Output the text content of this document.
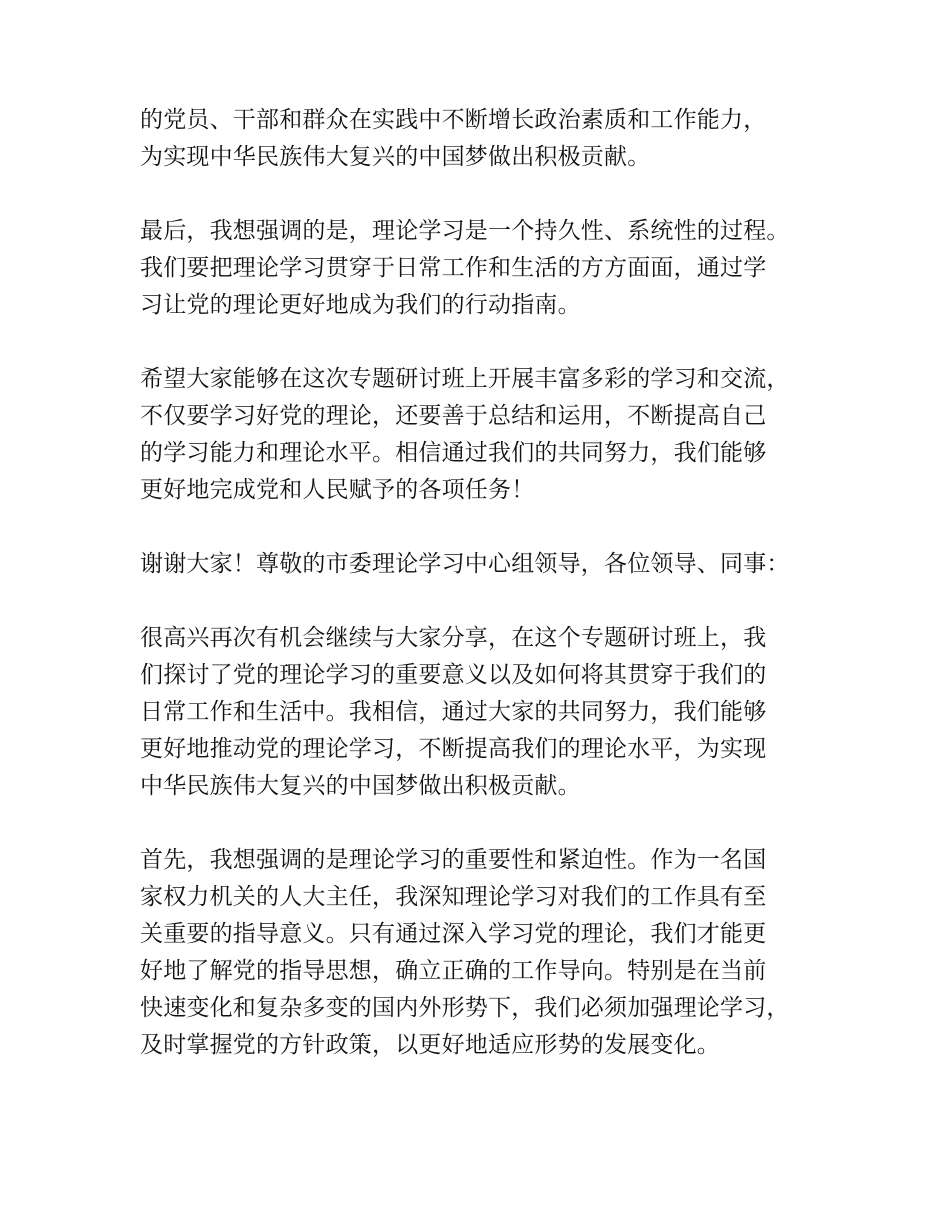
的党员、干部和群众在实践中不断增长政治素质和工作能力，
为实现中华民族伟大复兴的中国梦做出积极贡献。

最后，我想强调的是，理论学习是一个持久性、系统性的过程。
我们要把理论学习贯穿于日常工作和生活的方方面面，通过学
习让党的理论更好地成为我们的行动指南。

希望大家能够在这次专题研讨班上开展丰富多彩的学习和交流，
不仅要学习好党的理论，还要善于总结和运用，不断提高自己
的学习能力和理论水平。相信通过我们的共同努力，我们能够
更好地完成党和人民赋予的各项任务！

谢谢大家！尊敬的市委理论学习中心组领导，各位领导、同事：

很高兴再次有机会继续与大家分享，在这个专题研讨班上，我
们探讨了党的理论学习的重要意义以及如何将其贯穿于我们的
日常工作和生活中。我相信，通过大家的共同努力，我们能够
更好地推动党的理论学习，不断提高我们的理论水平，为实现
中华民族伟大复兴的中国梦做出积极贡献。

首先，我想强调的是理论学习的重要性和紧迫性。作为一名国
家权力机关的人大主任，我深知理论学习对我们的工作具有至
关重要的指导意义。只有通过深入学习党的理论，我们才能更
好地了解党的指导思想，确立正确的工作导向。特别是在当前
快速变化和复杂多变的国内外形势下，我们必须加强理论学习，
及时掌握党的方针政策，以更好地适应形势的发展变化。
